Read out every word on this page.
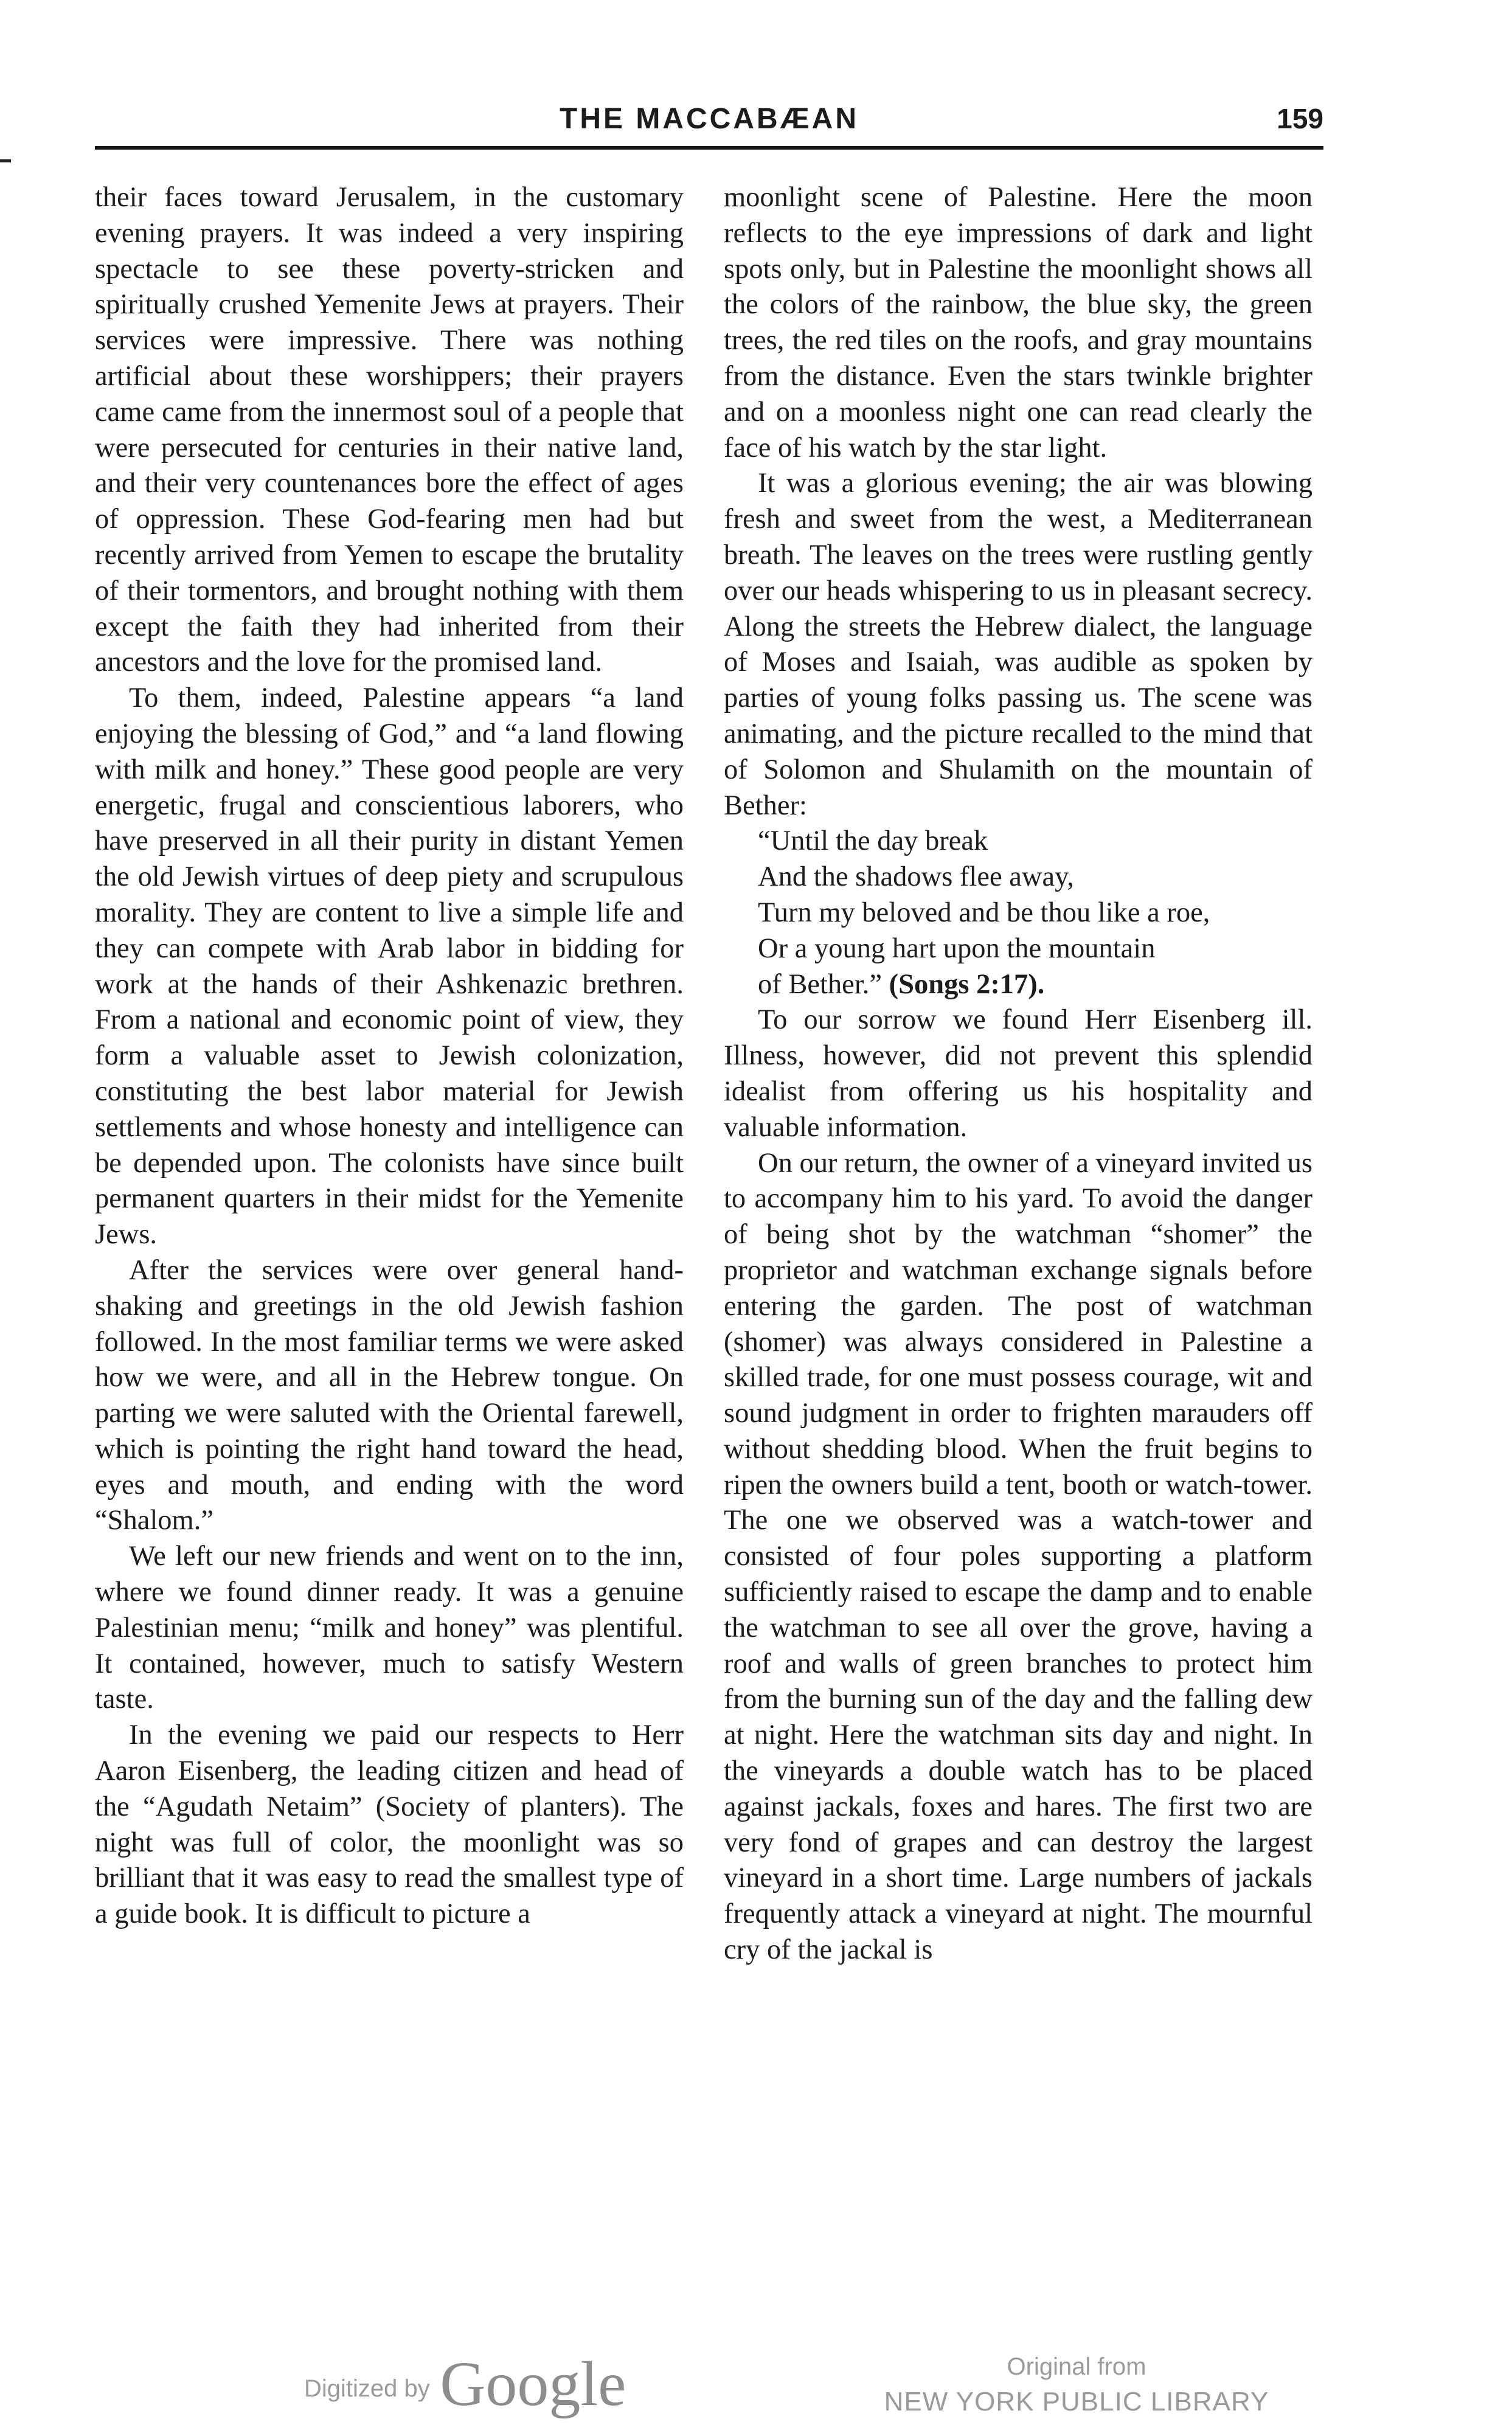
THE MACCABÆAN	159

their faces toward Jerusalem, in the customary evening prayers. It was indeed a very inspiring spectacle to see these poverty-stricken and spiritually crushed Yemenite Jews at prayers. Their services were impressive. There was nothing artificial about these worshippers; their prayers came came from the innermost soul of a people that were persecuted for centuries in their native land, and their very countenances bore the effect of ages of oppression. These God-fearing men had but recently arrived from Yemen to escape the brutality of their tormentors, and brought nothing with them except the faith they had inherited from their ancestors and the love for the promised land.

To them, indeed, Palestine appears “a land enjoying the blessing of God,” and “a land flowing with milk and honey.” These good people are very energetic, frugal and conscientious laborers, who have preserved in all their purity in distant Yemen the old Jewish virtues of deep piety and scrupulous morality. They are content to live a simple life and they can compete with Arab labor in bidding for work at the hands of their Ashkenazic brethren. From a national and economic point of view, they form a valuable asset to Jewish colonization, constituting the best labor material for Jewish settlements and whose honesty and intelligence can be depended upon. The colonists have since built permanent quarters in their midst for the Yemenite Jews.

After the services were over general hand-shaking and greetings in the old Jewish fashion followed. In the most familiar terms we were asked how we were, and all in the Hebrew tongue. On parting we were saluted with the Oriental farewell, which is pointing the right hand toward the head, eyes and mouth, and ending with the word “Shalom.”

We left our new friends and went on to the inn, where we found dinner ready. It was a genuine Palestinian menu; “milk and honey” was plentiful. It contained, however, much to satisfy Western taste.

In the evening we paid our respects to Herr Aaron Eisenberg, the leading citizen and head of the “Agudath Netaim” (Society of planters). The night was full of color, the moonlight was so brilliant that it was easy to read the smallest type of a guide book. It is difficult to picture a

moonlight scene of Palestine. Here the moon reflects to the eye impressions of dark and light spots only, but in Palestine the moonlight shows all the colors of the rainbow, the blue sky, the green trees, the red tiles on the roofs, and gray mountains from the distance. Even the stars twinkle brighter and on a moonless night one can read clearly the face of his watch by the star light.

It was a glorious evening; the air was blowing fresh and sweet from the west, a Mediterranean breath. The leaves on the trees were rustling gently over our heads whispering to us in pleasant secrecy. Along the streets the Hebrew dialect, the language of Moses and Isaiah, was audible as spoken by parties of young folks passing us. The scene was animating, and the picture recalled to the mind that of Solomon and Shulamith on the mountain of Bether:

“Until the day break
And the shadows flee away,
Turn my beloved and be thou like a roe,
Or a young hart upon the mountain
of Bether.” (Songs 2:17).

To our sorrow we found Herr Eisenberg ill. Illness, however, did not prevent this splendid idealist from offering us his hospitality and valuable information.

On our return, the owner of a vineyard invited us to accompany him to his yard. To avoid the danger of being shot by the watchman “shomer” the proprietor and watchman exchange signals before entering the garden. The post of watchman (shomer) was always considered in Palestine a skilled trade, for one must possess courage, wit and sound judgment in order to frighten marauders off without shedding blood. When the fruit begins to ripen the owners build a tent, booth or watch-tower. The one we observed was a watch-tower and consisted of four poles supporting a platform sufficiently raised to escape the damp and to enable the watchman to see all over the grove, having a roof and walls of green branches to protect him from the burning sun of the day and the falling dew at night. Here the watchman sits day and night. In the vineyards a double watch has to be placed against jackals, foxes and hares. The first two are very fond of grapes and can destroy the largest vineyard in a short time. Large numbers of jackals frequently attack a vineyard at night. The mournful cry of the jackal is

Digitized by Google	Original from
NEW YORK PUBLIC LIBRARY
